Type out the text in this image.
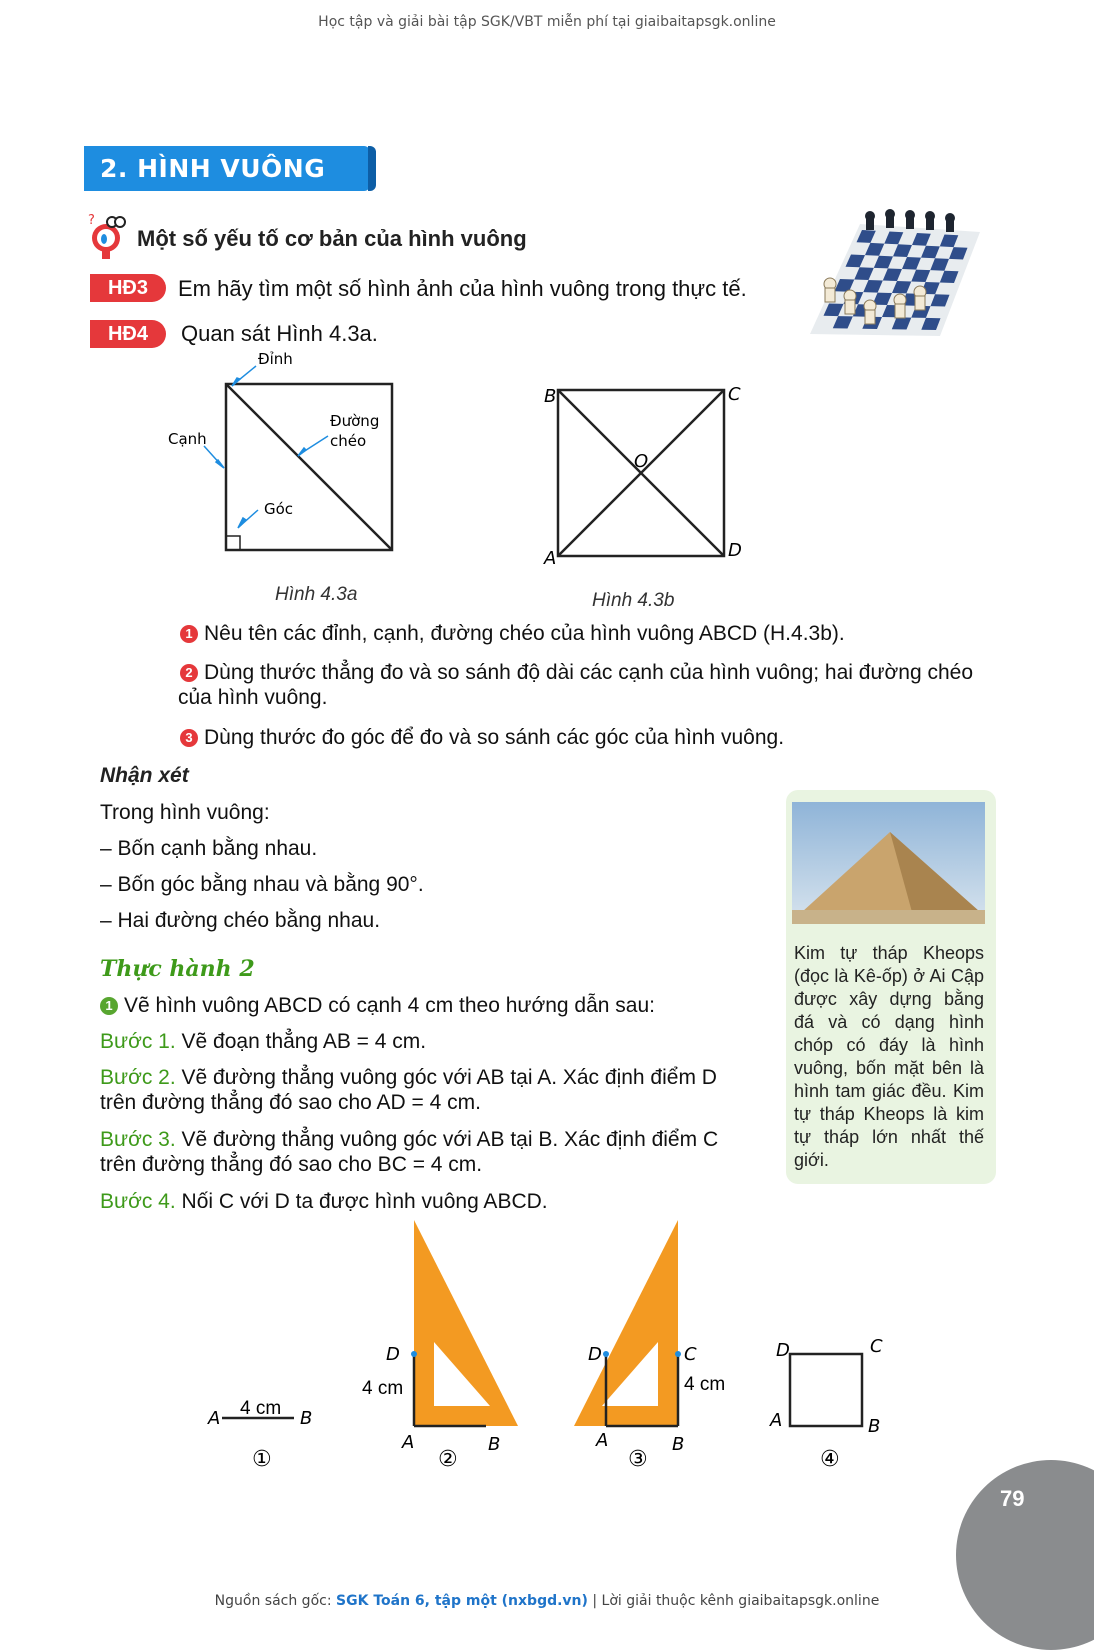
Học tập và giải bài tập SGK/VBT miễn phí tại giaibaitapsgk.online
2. HÌNH VUÔNG
?
Một số yếu tố cơ bản của hình vuông
HĐ3	Em hãy tìm một số hình ảnh của hình vuông trong thực tế.
HĐ4	Quan sát Hình 4.3a.
Đỉnh
Cạnh
Đường
chéo
Góc
Hình 4.3a
B	C
A	D
O
Hình 4.3b
1 Nêu tên các đỉnh, cạnh, đường chéo của hình vuông ABCD (H.4.3b).
2 Dùng thước thẳng đo và so sánh độ dài các cạnh của hình vuông; hai đường chéo
của hình vuông.
3 Dùng thước đo góc để đo và so sánh các góc của hình vuông.
Nhận xét
Trong hình vuông:
– Bốn cạnh bằng nhau.
– Bốn góc bằng nhau và bằng 90°.
– Hai đường chéo bằng nhau.
Thực hành 2
1 Vẽ hình vuông ABCD có cạnh 4 cm theo hướng dẫn sau:
Bước 1. Vẽ đoạn thẳng AB = 4 cm.
Bước 2. Vẽ đường thẳng vuông góc với AB tại A. Xác định điểm D
trên đường thẳng đó sao cho AD = 4 cm.
Bước 3. Vẽ đường thẳng vuông góc với AB tại B. Xác định điểm C
trên đường thẳng đó sao cho BC = 4 cm.
Bước 4. Nối C với D ta được hình vuông ABCD.
Kim tự tháp Kheops (đọc là Kê-ốp) ở Ai Cập được xây dựng bằng đá và có dạng hình chóp có đáy là hình vuông, bốn mặt bên là hình tam giác đều. Kim tự tháp Kheops là kim tự tháp lớn nhất thế giới.
A	B
4 cm
①
D
A	B
4 cm
②
D	C
A	B
4 cm
③
D	C
A	B
④
79
Nguồn sách gốc: SGK Toán 6, tập một (nxbgd.vn) | Lời giải thuộc kênh giaibaitapsgk.online
